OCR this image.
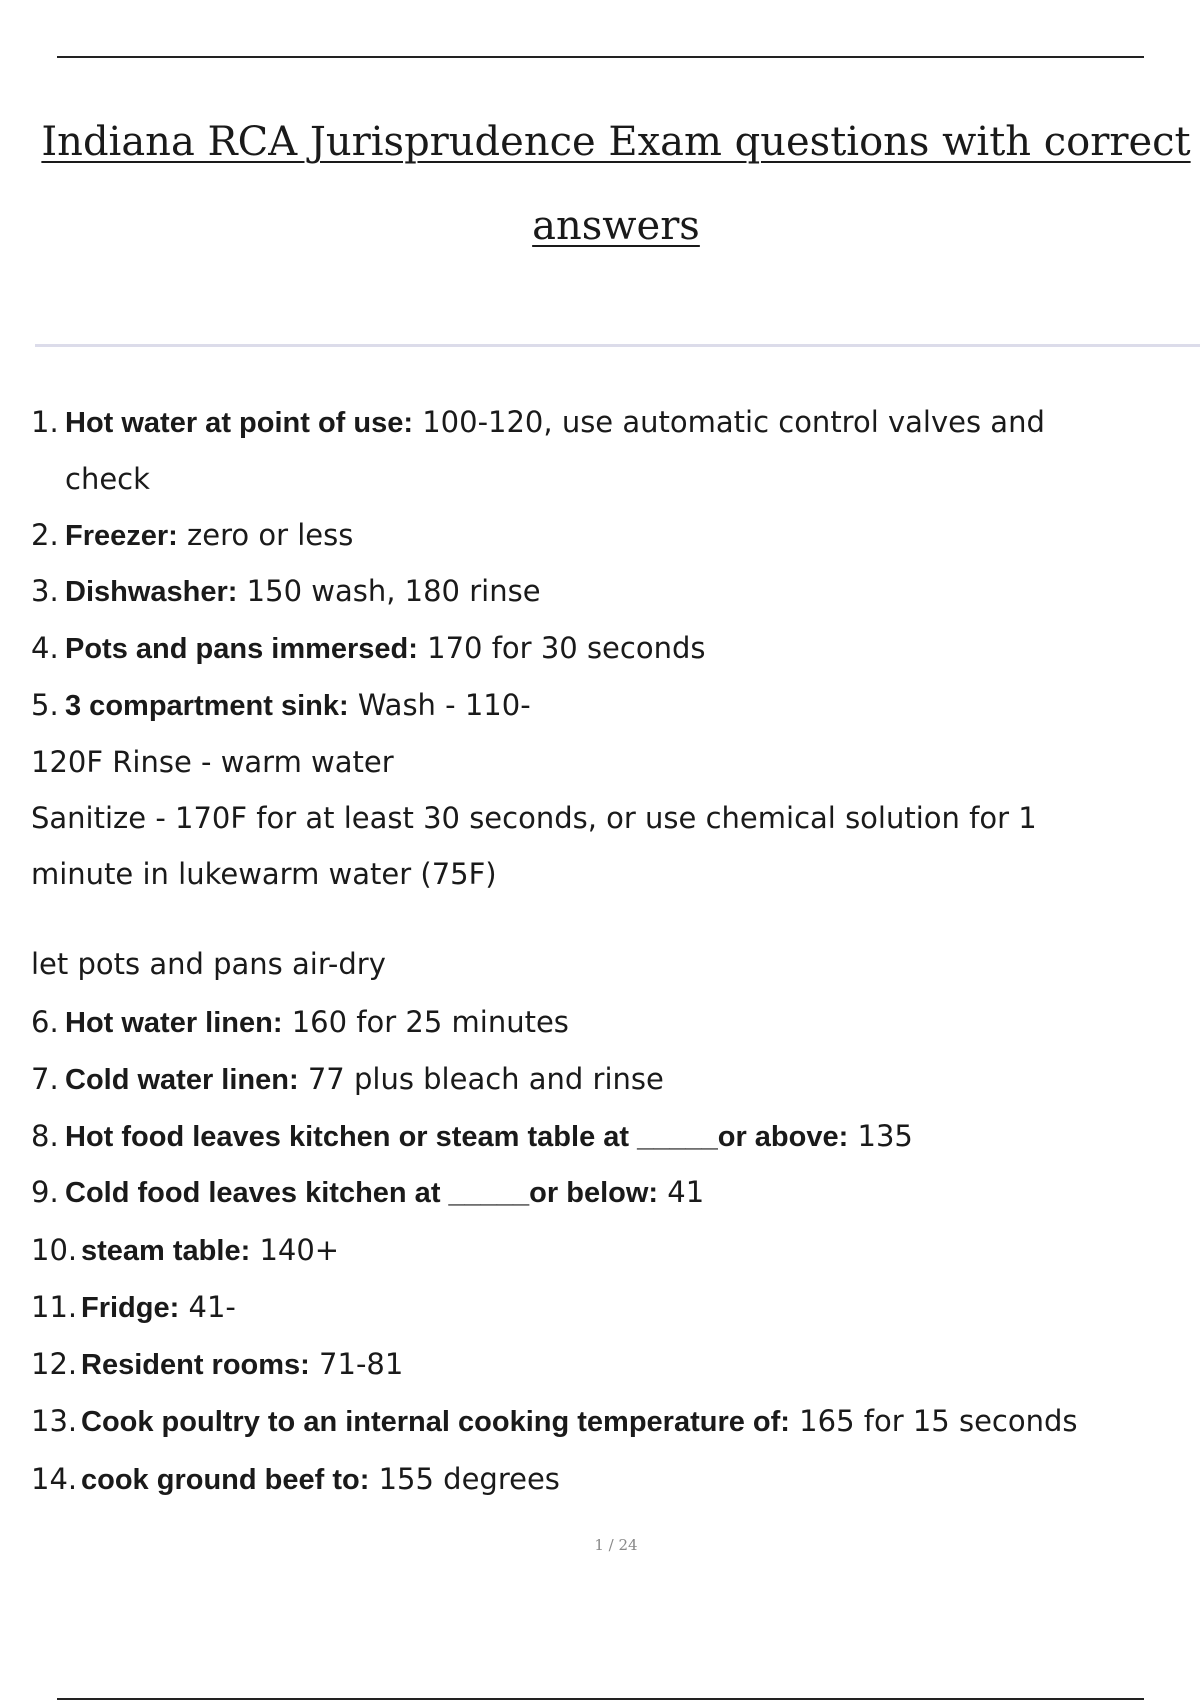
Indiana RCA Jurisprudence Exam questions with correct
answers
1. Hot water at point of use: 100-120, use automatic control valves and
check
2. Freezer: zero or less
3. Dishwasher: 150 wash, 180 rinse
4. Pots and pans immersed: 170 for 30 seconds
5. 3 compartment sink: Wash - 110-
120F Rinse - warm water
Sanitize - 170F for at least 30 seconds, or use chemical solution for 1
minute in lukewarm water (75F)
let pots and pans air-dry
6. Hot water linen: 160 for 25 minutes
7. Cold water linen: 77 plus bleach and rinse
8. Hot food leaves kitchen or steam table at _____or above: 135
9. Cold food leaves kitchen at _____or below: 41
10. steam table: 140+
11. Fridge: 41-
12. Resident rooms: 71-81
13. Cook poultry to an internal cooking temperature of: 165 for 15 seconds
14. cook ground beef to: 155 degrees
1 / 24
